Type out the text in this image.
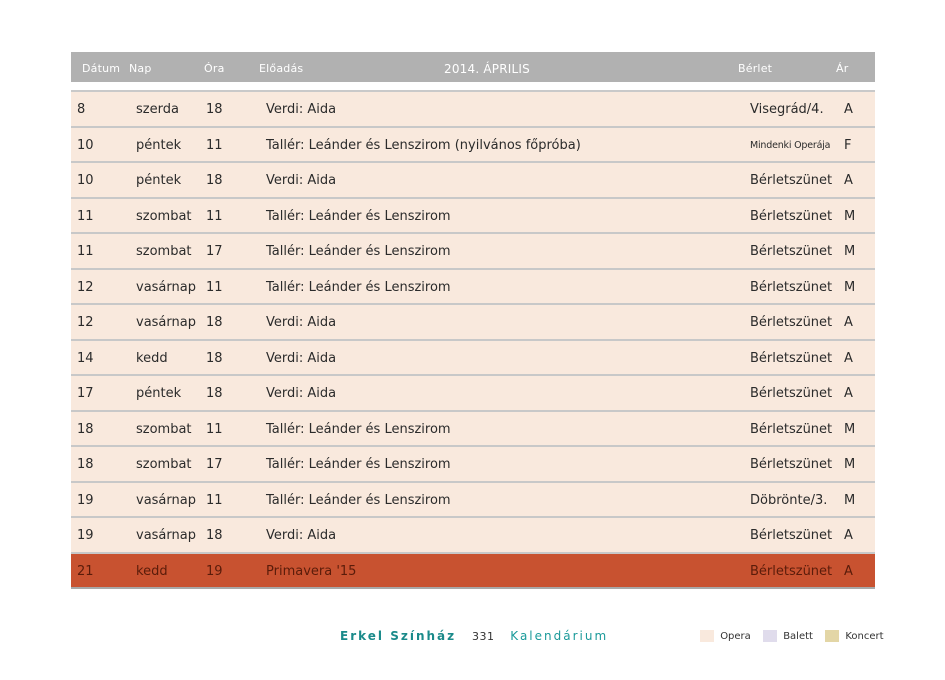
Dátum Nap	Óra	Előadás	2014. ÁPRILIS	Bérlet	Ár
8	szerda 18	Verdi: Aida	Visegrád/4. A
10	péntek 11	Tallér: Leánder és Lenszirom (nyilvános főpróba)	Mindenki Operája F
10	péntek 18	Verdi: Aida	Bérletszünet A
11	szombat 11	Tallér: Leánder és Lenszirom	Bérletszünet M
11	szombat 17	Tallér: Leánder és Lenszirom	Bérletszünet M
12	vasárnap 11	Tallér: Leánder és Lenszirom	Bérletszünet M
12	vasárnap 18	Verdi: Aida	Bérletszünet A
14	kedd	18	Verdi: Aida	Bérletszünet A
17	péntek 18	Verdi: Aida	Bérletszünet A
18	szombat 11	Tallér: Leánder és Lenszirom	Bérletszünet M
18	szombat 17	Tallér: Leánder és Lenszirom	Bérletszünet M
19	vasárnap 11	Tallér: Leánder és Lenszirom	Döbrönte/3. M
19	vasárnap 18	Verdi: Aida	Bérletszünet A
21	kedd	19	Primavera '15	Bérletszünet A
Erkel Színház 331 Kalendárium	Opera	Balett	Koncert
